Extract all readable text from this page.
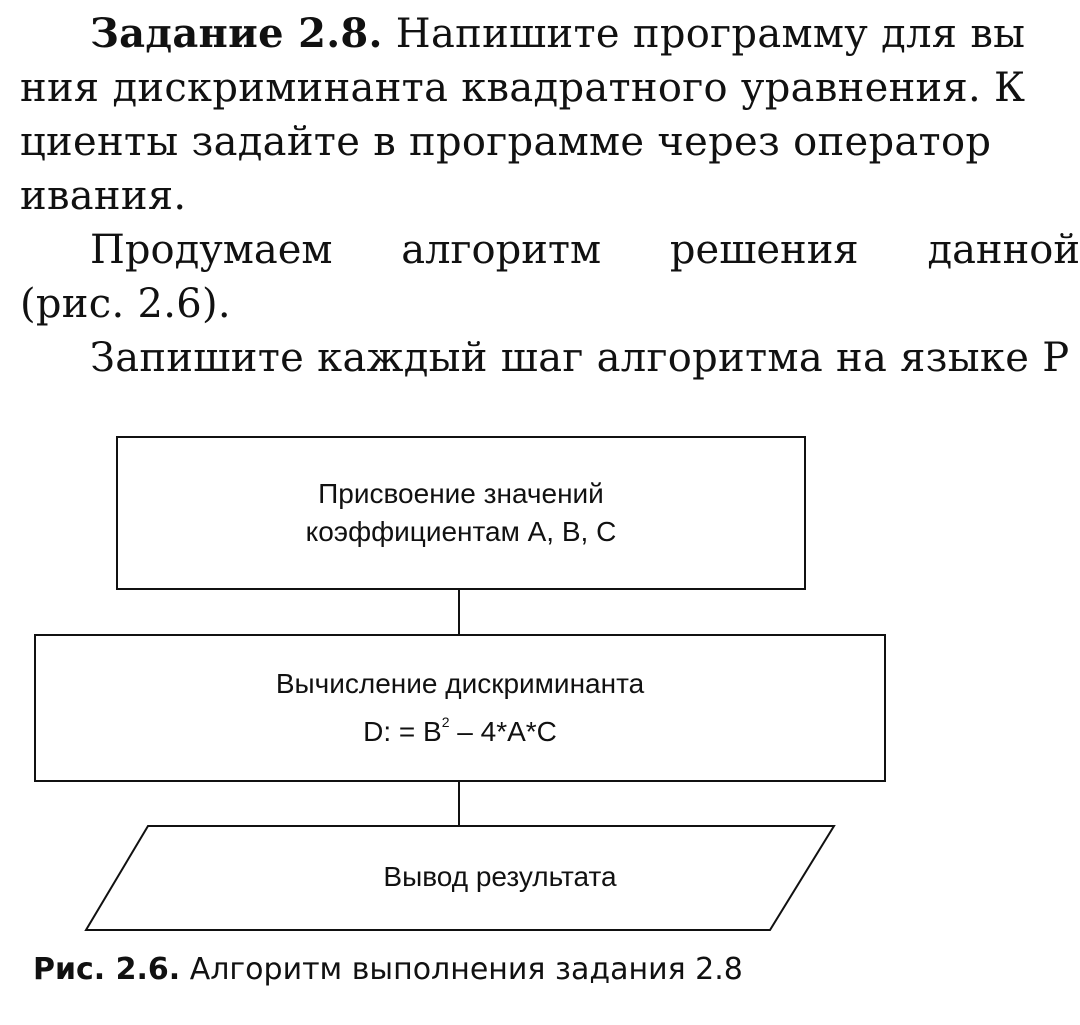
Задание 2.8. Напишите программу для вы
ния дискриминанта квадратного уравнения. К
циенты задайте в программе через оператор
ивания.
Продумаем алгоритм решения данной
(рис. 2.6).
Запишите каждый шаг алгоритма на языке Р
Присвоение значений
коэффициентам А, В, С
Вычисление дискриминанта
D: = $В^2 - 4*А*С$
Вывод результата
Рис. 2.6. Алгоритм выполнения задания 2.8
